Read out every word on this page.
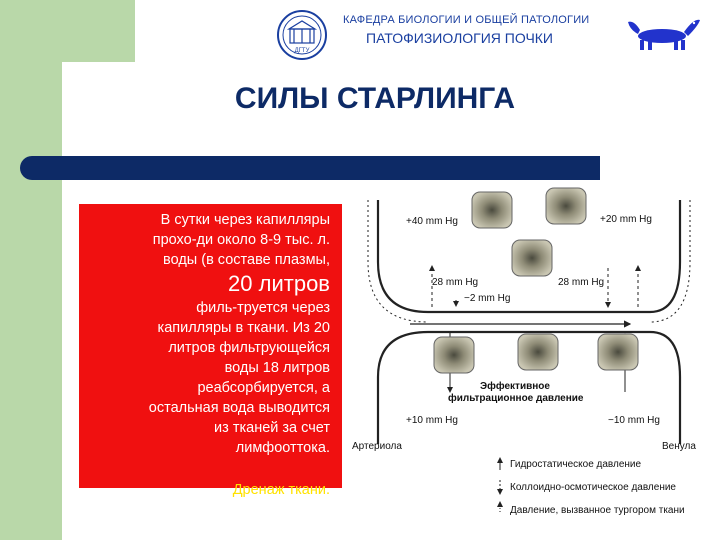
ДГТУ
КАФЕДРА БИОЛОГИИ И ОБЩЕЙ ПАТОЛОГИИ
ПАТОФИЗИОЛОГИЯ ПОЧКИ
СИЛЫ СТАРЛИНГА
В сутки через капилляры
прохо-ди около 8-9 тыс. л.
воды (в составе плазмы,
20 литров
филь-труется через
капилляры в ткани. Из 20
литров фильтрующейся
воды 18 литров
реабсорбируется, а
остальная вода выводится
из тканей за счет
лимфооттока.
Дренаж ткани.
+40 mm Hg	+20 mm Hg
28 mm Hg	28 mm Hg
−2 mm Hg
Эффективное
фильтрационное давление
+10 mm Hg	−10 mm Hg
Артериола	Венула
Гидростатическое давление
Коллоидно-осмотическое давление
Давление, вызванное тургором ткани
